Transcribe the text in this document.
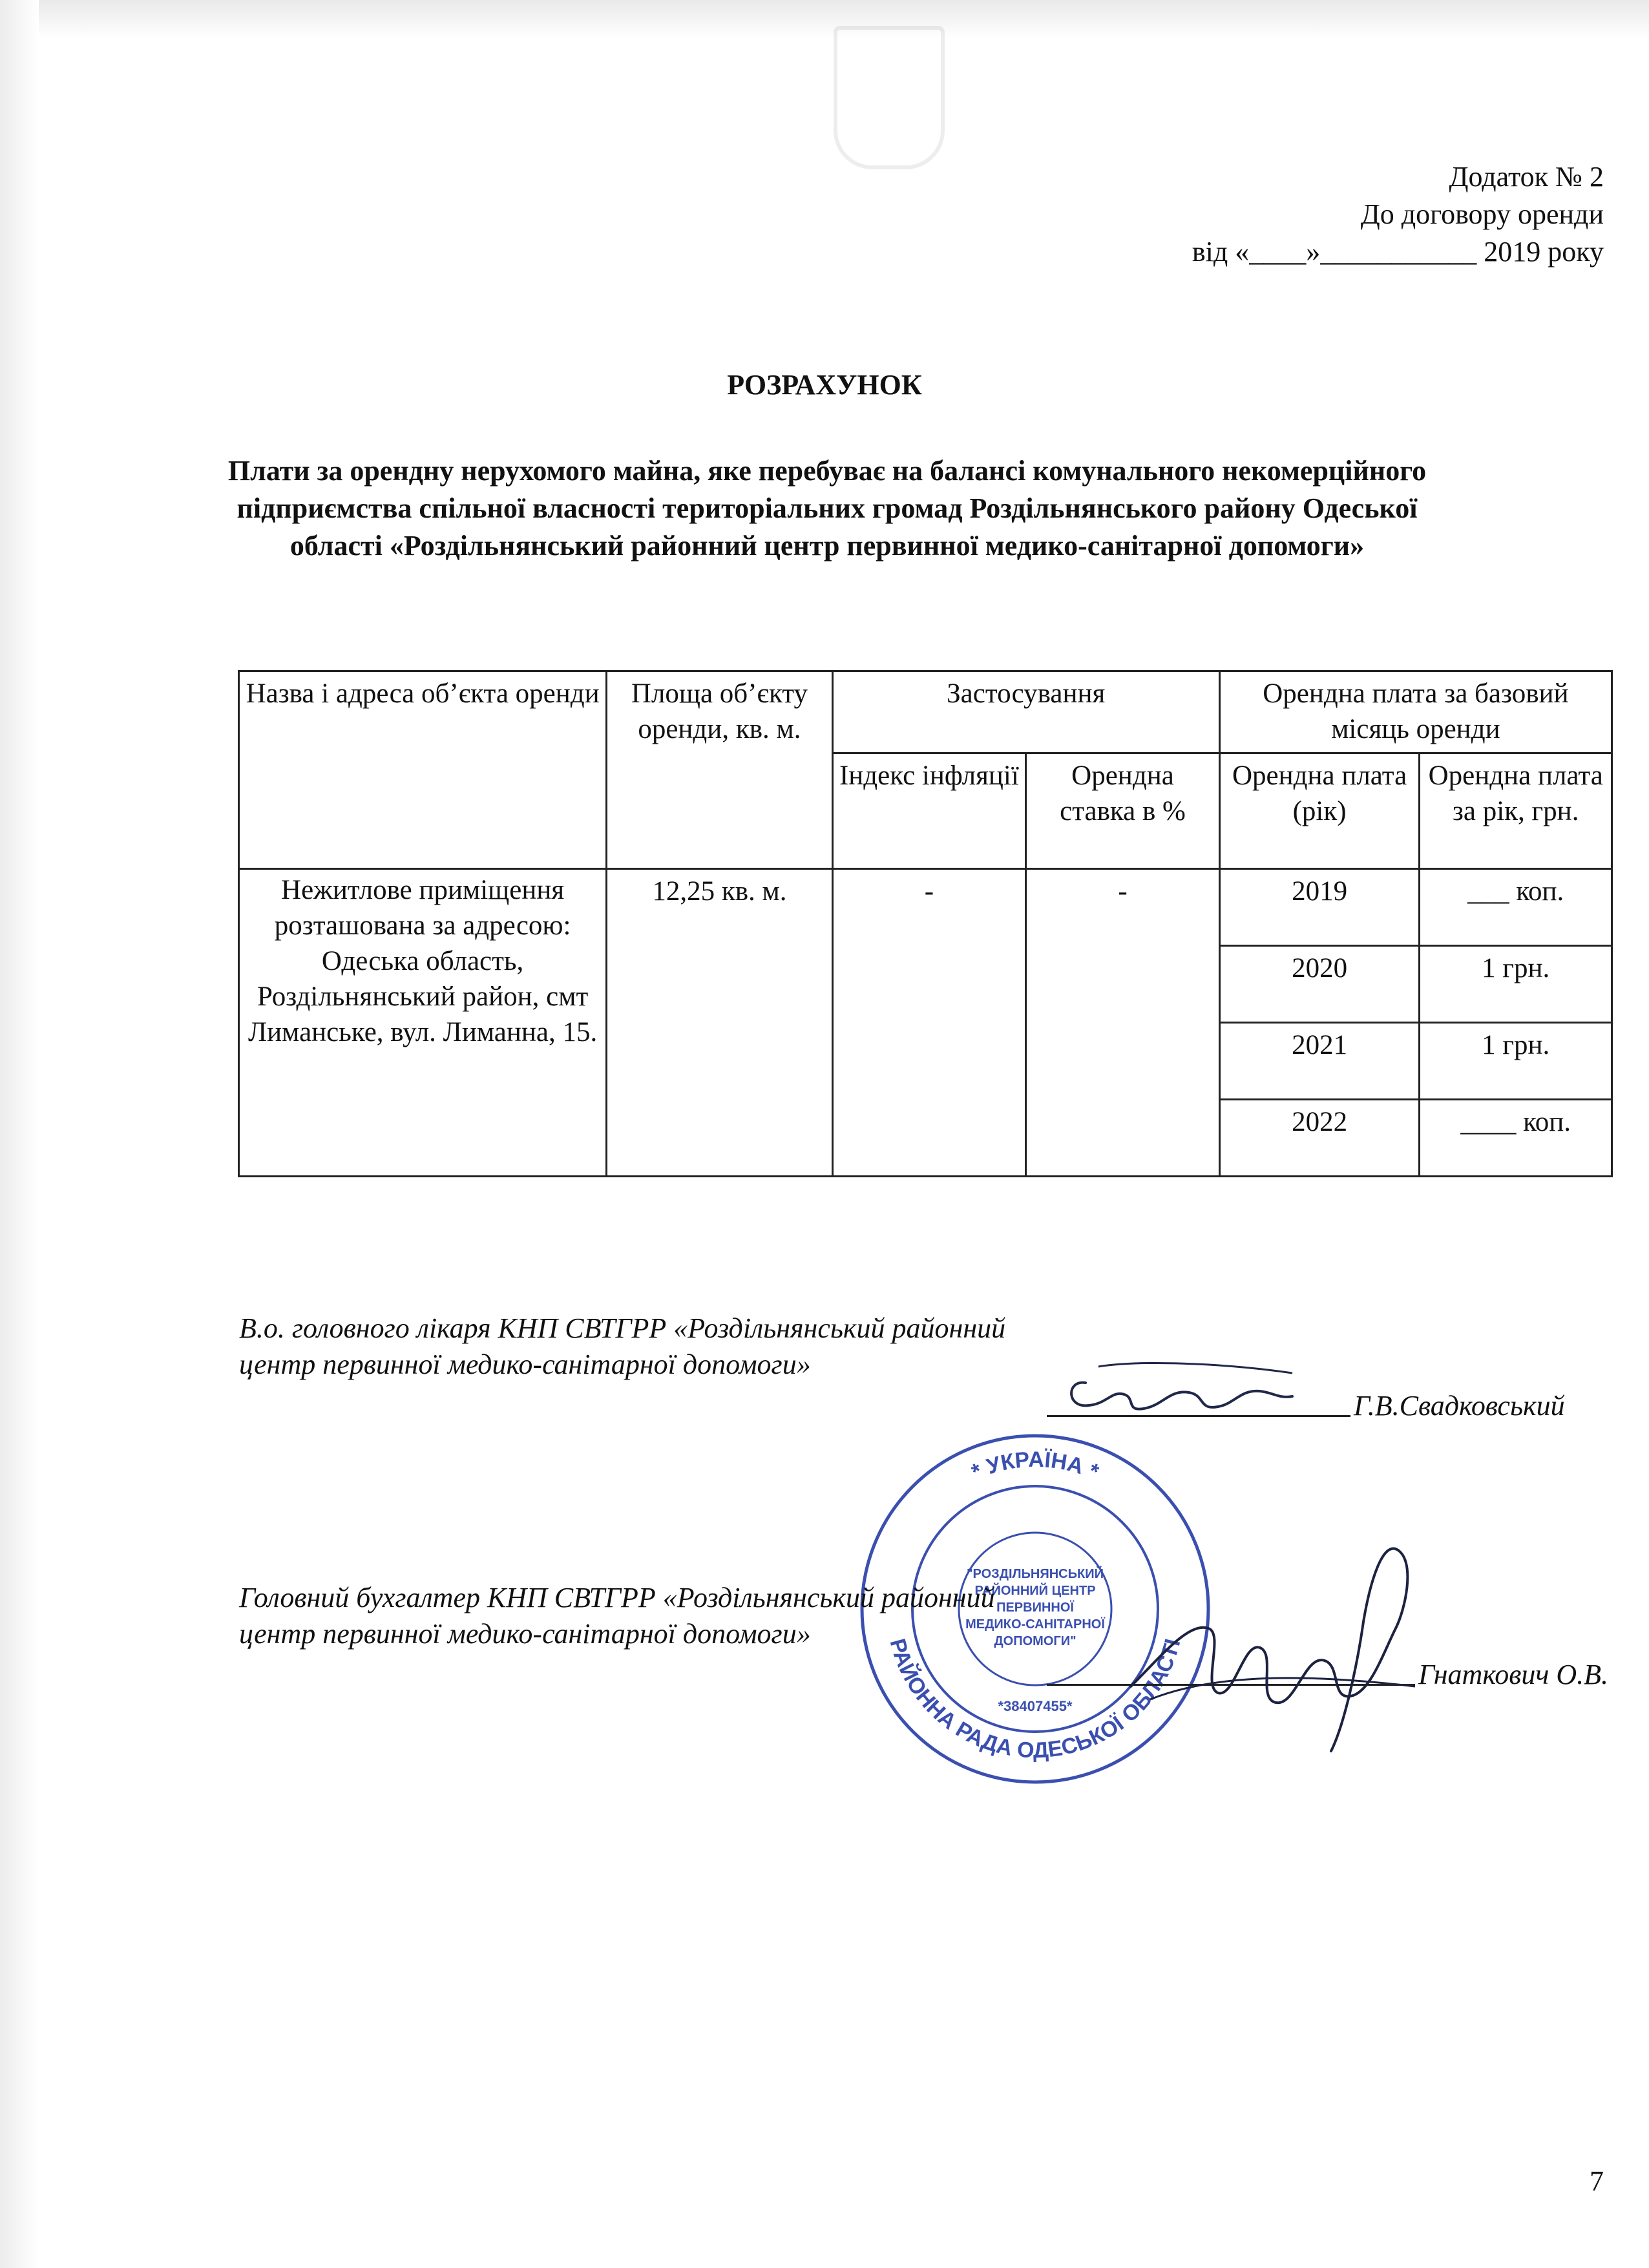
Додаток № 2
До договору оренди
від «____»___________ 2019 року
РОЗРАХУНОК
Плати за орендну нерухомого майна, яке перебуває на балансі комунального некомерційного підприємства спільної власності територіальних громад Роздільнянського району Одеської області «Роздільнянський районний центр первинної медико-санітарної допомоги»
Назва і адреса об’єкта оренди	Площа об’єкту оренди, кв. м.	Застосування		Орендна плата за базовий місяць оренди	
		Індекс інфляції	Орендна ставка в %	Орендна плата (рік)	Орендна плата за рік, грн.
Нежитлове приміщення розташована за адресою: Одеська область, Роздільнянський район, смт Лиманське, вул. Лиманна, 15.	12,25 кв. м.	-	-	2019	___ коп.
				2020	1 грн.
				2021	1 грн.
				2022	____ коп.
В.о. головного лікаря КНП СВТГРР «Роздільнянський районний центр первинної медико-санітарної допомоги»
Г.В.Свадковський
* УКРАЇНА *
РАЙОННА РАДА ОДЕСЬКОЇ ОБЛАСТІ
"РОЗДІЛЬНЯНСЬКИЙ
РАЙОННИЙ ЦЕНТР
ПЕРВИННОЇ
МЕДИКО-САНІТАРНОЇ
ДОПОМОГИ"
*38407455*
Головний бухгалтер КНП СВТГРР «Роздільнянський районний центр первинної медико-санітарної допомоги»
Гнаткович О.В.
7
